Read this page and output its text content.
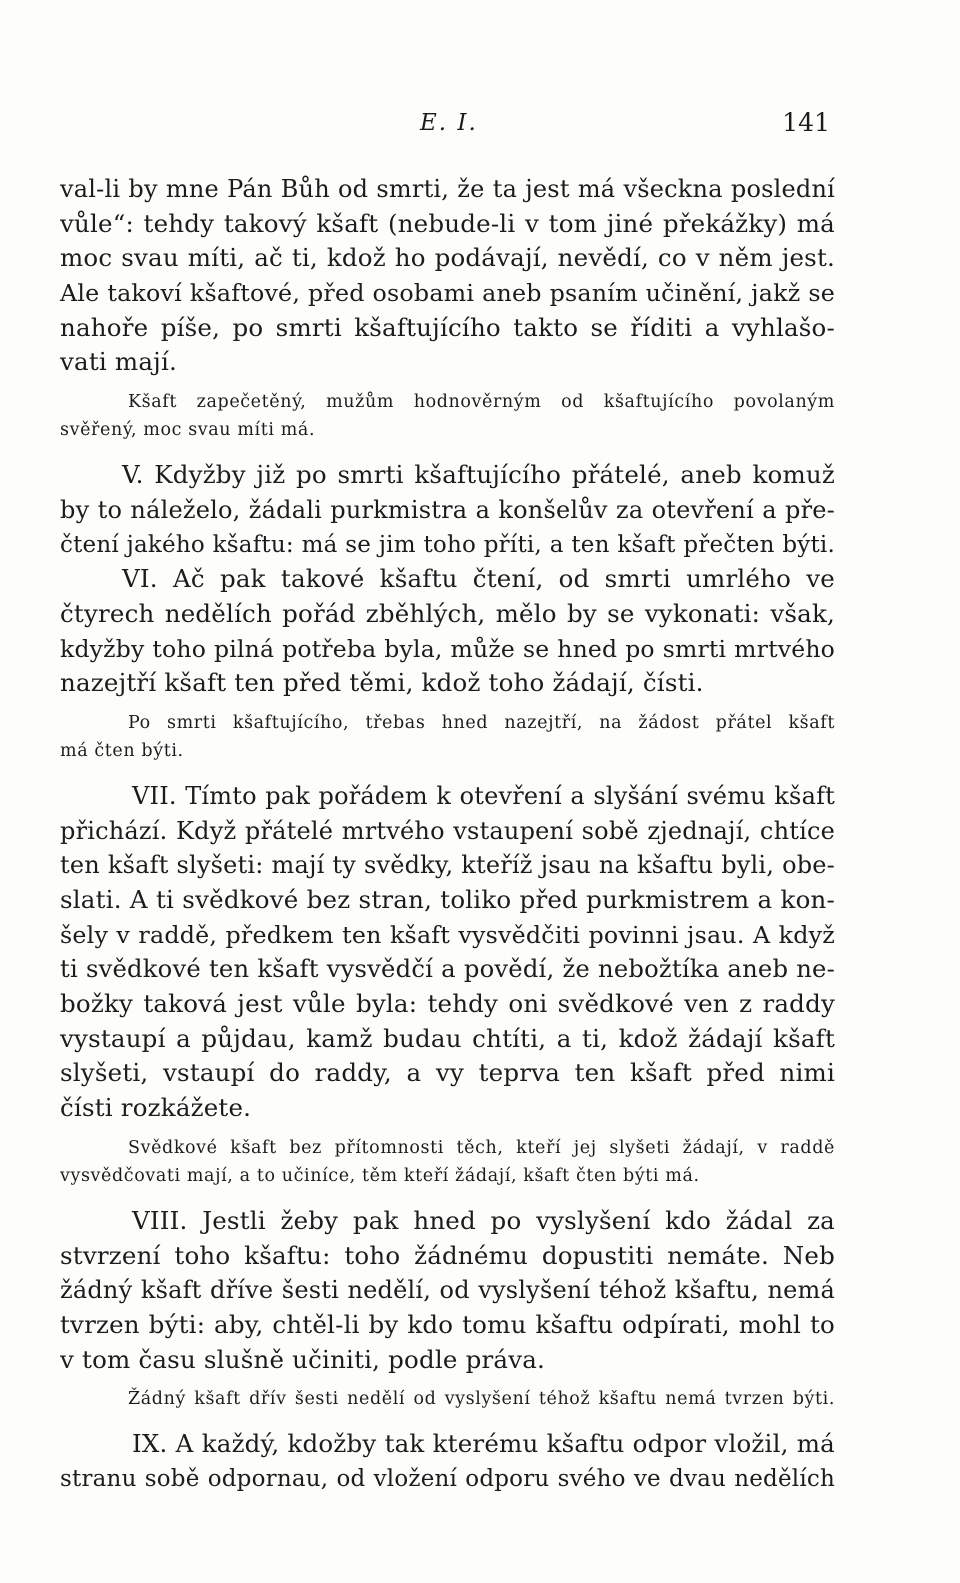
E. I.	141
val-li by mne Pán Bůh od smrti, že ta jest má všeckna poslední
vůle“: tehdy takový kšaft (nebude-li v tom jiné překážky) má
moc svau míti, ač ti, kdož ho podávají, nevědí, co v něm jest.
Ale takoví kšaftové, před osobami aneb psaním učinění, jakž se
nahoře píše, po smrti kšaftujícího takto se říditi a vyhlašo-
vati mají.
Kšaft zapečetěný, mužům hodnověrným od kšaftujícího povolaným
svěřený, moc svau míti má.
V. Kdyžby již po smrti kšaftujícího přátelé, aneb komuž
by to náleželo, žádali purkmistra a konšelův za otevření a pře-
čtení jakého kšaftu: má se jim toho příti, a ten kšaft přečten býti.
VI. Ač pak takové kšaftu čtení, od smrti umrlého ve
čtyrech nedělích pořád zběhlých, mělo by se vykonati: však,
kdyžby toho pilná potřeba byla, může se hned po smrti mrtvého
nazejtří kšaft ten před těmi, kdož toho žádají, čísti.
Po smrti kšaftujícího, třebas hned nazejtří, na žádost přátel kšaft
má čten býti.
VII. Tímto pak pořádem k otevření a slyšání svému kšaft
přichází. Když přátelé mrtvého vstaupení sobě zjednají, chtíce
ten kšaft slyšeti: mají ty svědky, kteříž jsau na kšaftu byli, obe-
slati. A ti svědkové bez stran, toliko před purkmistrem a kon-
šely v raddě, předkem ten kšaft vysvědčiti povinni jsau. A když
ti svědkové ten kšaft vysvědčí a povědí, že nebožtíka aneb ne-
božky taková jest vůle byla: tehdy oni svědkové ven z raddy
vystaupí a půjdau, kamž budau chtíti, a ti, kdož žádají kšaft
slyšeti, vstaupí do raddy, a vy teprva ten kšaft před nimi
čísti rozkážete.
Svědkové kšaft bez přítomnosti těch, kteří jej slyšeti žádají, v raddě
vysvědčovati mají, a to učiníce, těm kteří žádají, kšaft čten býti má.
VIII. Jestli žeby pak hned po vyslyšení kdo žádal za
stvrzení toho kšaftu: toho žádnému dopustiti nemáte. Neb
žádný kšaft dříve šesti nedělí, od vyslyšení téhož kšaftu, nemá
tvrzen býti: aby, chtěl-li by kdo tomu kšaftu odpírati, mohl to
v tom času slušně učiniti, podle práva.
Žádný kšaft dřív šesti nedělí od vyslyšení téhož kšaftu nemá tvrzen býti.
IX. A každý, kdožby tak kterému kšaftu odpor vložil, má
stranu sobě odpornau, od vložení odporu svého ve dvau nedělích
